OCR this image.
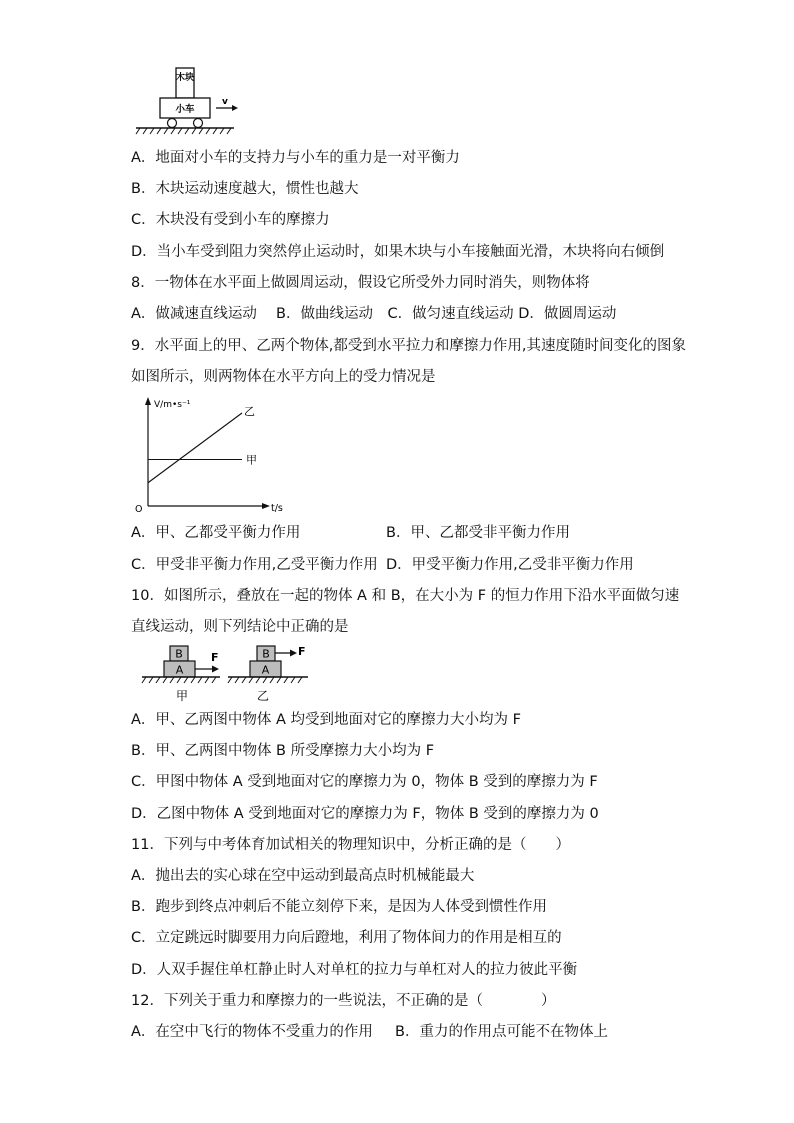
木块
小车
v
A．地面对小车的支持力与小车的重力是一对平衡力
B．木块运动速度越大，惯性也越大
C．木块没有受到小车的摩擦力
D．当小车受到阻力突然停止运动时，如果木块与小车接触面光滑，木块将向右倾倒
8．一物体在水平面上做圆周运动，假设它所受外力同时消失，则物体将
A．做减速直线运动　 B．做曲线运动　C．做匀速直线运动 D．做圆周运动
9．水平面上的甲、乙两个物体,都受到水平拉力和摩擦力作用,其速度随时间变化的图象
如图所示，则两物体在水平方向上的受力情况是
V/m•s⁻¹
t/s
O
乙
甲
A．甲、乙都受平衡力作用	B．甲、乙都受非平衡力作用
C．甲受非平衡力作用,乙受平衡力作用 D．甲受平衡力作用,乙受非平衡力作用
10．如图所示，叠放在一起的物体 A 和 B，在大小为 F 的恒力作用下沿水平面做匀速
直线运动，则下列结论中正确的是
B
A
F
甲
B
A
F
乙
A．甲、乙两图中物体 A 均受到地面对它的摩擦力大小均为 F
B．甲、乙两图中物体 B 所受摩擦力大小均为 F
C．甲图中物体 A 受到地面对它的摩擦力为 0，物体 B 受到的摩擦力为 F
D．乙图中物体 A 受到地面对它的摩擦力为 F，物体 B 受到的摩擦力为 0
11．下列与中考体育加试相关的物理知识中，分析正确的是（　　）
A．抛出去的实心球在空中运动到最高点时机械能最大
B．跑步到终点冲刺后不能立刻停下来，是因为人体受到惯性作用
C．立定跳远时脚要用力向后蹬地，利用了物体间力的作用是相互的
D．人双手握住单杠静止时人对单杠的拉力与单杠对人的拉力彼此平衡
12．下列关于重力和摩擦力的一些说法，不正确的是（　　　　）
A．在空中飞行的物体不受重力的作用 B．重力的作用点可能不在物体上
